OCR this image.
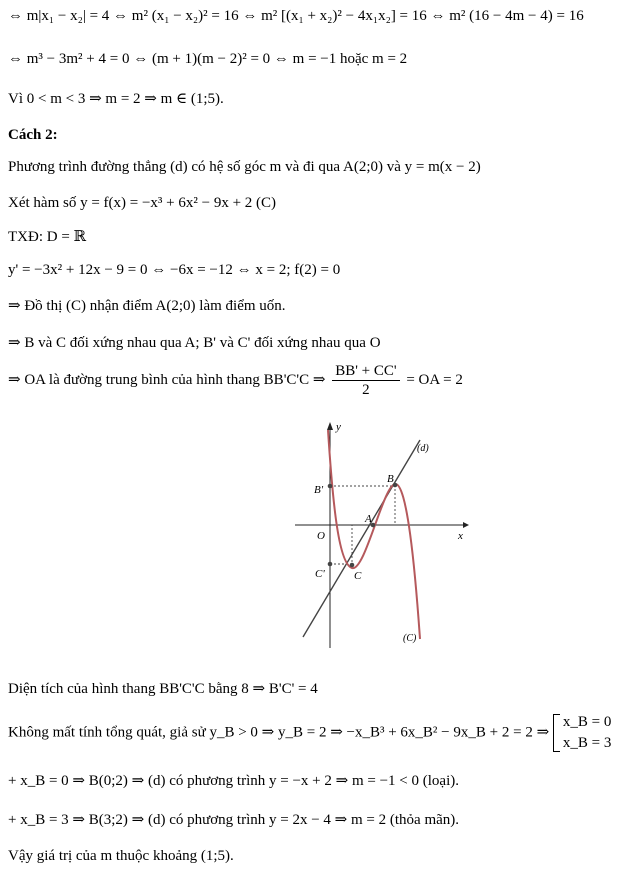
⇔ m|x₁ − x₂| = 4 ⇔ m² (x₁ − x₂)² = 16 ⇔ m² [(x₁ + x₂)² − 4x₁x₂] = 16 ⇔ m² (16 − 4m − 4) = 16
⇔ m³ − 3m² + 4 = 0 ⇔ (m + 1)(m − 2)² = 0 ⇔ m = −1 hoặc m = 2
Vì 0 < m < 3 ⇒ m = 2 ⇒ m ∈ (1;5).
Cách 2:
Phương trình đường thẳng (d) có hệ số góc m và đi qua A(2;0) và y = m(x − 2)
Xét hàm số y = f(x) = −x³ + 6x² − 9x + 2 (C)
TXĐ: D = ℝ
y' = −3x² + 12x − 9 = 0 ⇔ −6x = −12 ⇔ x = 2; f(2) = 0
⇒ Đồ thị (C) nhận điểm A(2;0) làm điểm uốn.
⇒ B và C đối xứng nhau qua A; B' và C' đối xứng nhau qua O
⇒ OA là đường trung bình của hình thang BB'C'C ⇒ $\frac{BB' + CC'}{2}$ = OA = 2
y
x
O
(d)
(C)
B
B'
A
C
C'
Diện tích của hình thang BB'C'C bằng 8 ⇒ B'C' = 4
Không mất tính tổng quát, giả sử y_B > 0 ⇒ y_B = 2 ⇒ −x_B³ + 6x_B² − 9x_B + 2 = 2 ⇒
x_B = 0
x_B = 3
+ x_B = 0 ⇒ B(0;2) ⇒ (d) có phương trình y = −x + 2 ⇒ m = −1 < 0 (loại).
+ x_B = 3 ⇒ B(3;2) ⇒ (d) có phương trình y = 2x − 4 ⇒ m = 2 (thỏa mãn).
Vậy giá trị của m thuộc khoảng (1;5).
